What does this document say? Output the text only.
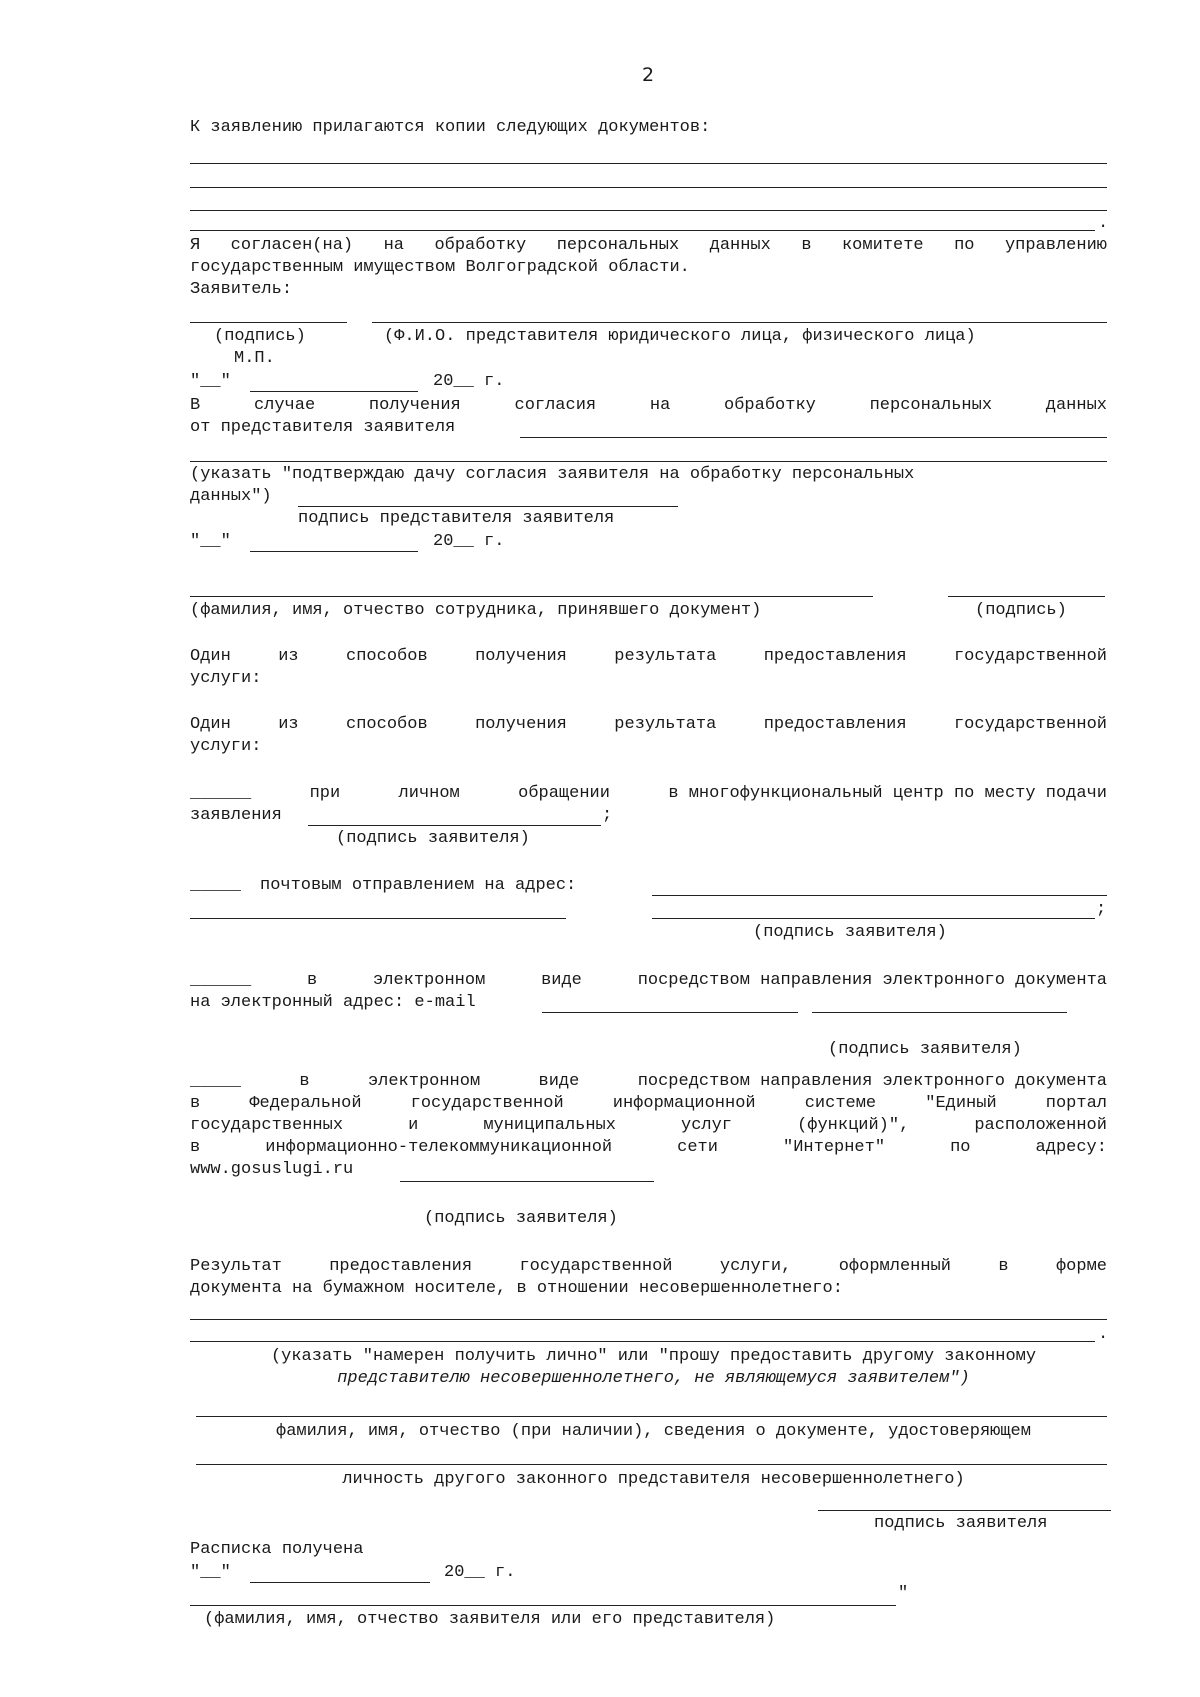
2
К заявлению прилагаются копии следующих документов:
.
Я согласен(на) на обработку персональных данных в комитете по управлению
государственным имуществом Волгоградской области.
Заявитель:
(подпись)	(Ф.И.О. представителя юридического лица, физического лица)
М.П.
"__"	20__ г.
В	случае	получения	согласия	на	обработку	персональных	данных
от представителя заявителя
(указать "подтверждаю дачу согласия заявителя на обработку персональных
данных")
подпись представителя заявителя
"__"	20__ г.
(фамилия, имя, отчество сотрудника, принявшего документ)	(подпись)
Один	из	способов	получения	результата	предоставления	государственной
услуги:
Один	из	способов	получения	результата	предоставления	государственной
услуги:
______	при	личном	обращении	в многофункциональный центр по месту подачи
заявления	;
(подпись заявителя)
_____ почтовым отправлением на адрес:
;
(подпись заявителя)
______	в	электронном	виде	посредством направления электронного документа
на электронный адрес: e-mail
(подпись заявителя)
_____	в	электронном	виде	посредством направления электронного документа
в	Федеральной	государственной	информационной	системе	"Единый	портал
государственных	и	муниципальных	услуг	(функций)",	расположенной
в	информационно-телекоммуникационной	сети	"Интернет"	по	адресу:
www.gosuslugi.ru
(подпись заявителя)
Результат	предоставления	государственной	услуги,	оформленный	в	форме
документа на бумажном носителе, в отношении несовершеннолетнего:
.
(указать "намерен получить лично" или "прошу предоставить другому законному
представителю несовершеннолетнего, не являющемуся заявителем")
фамилия, имя, отчество (при наличии), сведения о документе, удостоверяющем
личность другого законного представителя несовершеннолетнего)
подпись заявителя
Расписка получена
"__"	20__ г.
"
(фамилия, имя, отчество заявителя или его представителя)
